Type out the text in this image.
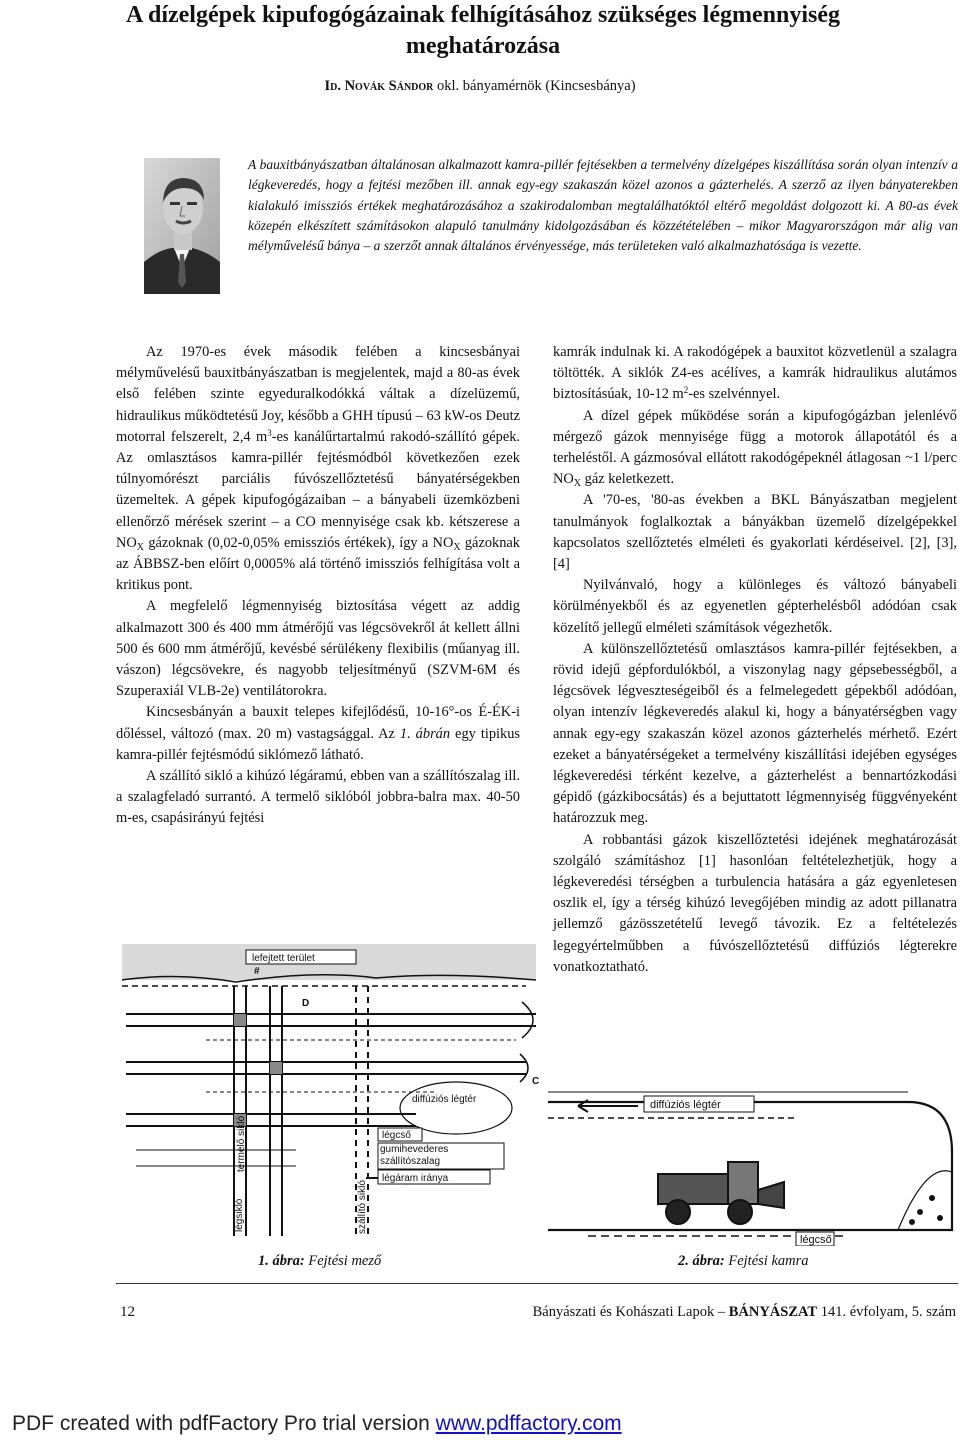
A dízelgépek kipufogógázainak felhígításához szükséges légmennyiség meghatározása
Id. Novák Sándor okl. bányamérnök (Kincsesbánya)
A bauxitbányászatban általánosan alkalmazott kamra-pillér fejtésekben a termelvény dízelgépes kiszállítása során olyan intenzív a légkeveredés, hogy a fejtési mezőben ill. annak egy-egy szakaszán közel azonos a gázterhelés. A szerző az ilyen bányaterekben kialakuló imissziós értékek meghatározásához a szakirodalomban megtalálhatóktól eltérő megoldást dolgozott ki. A 80-as évek közepén elkészített számításokon alapuló tanulmány kidolgozásában és közzétételében – mikor Magyarországon már alig van mélyművelésű bánya – a szerzőt annak általános érvényessége, más területeken való alkalmazhatósága is vezette.

Az 1970-es évek második felében a kincsesbányai mélyművelésű bauxitbányászatban is megjelentek, majd a 80-as évek első felében szinte egyeduralkodókká váltak a dízelüzemű, hidraulikus működtetésű Joy, később a GHH típusú – 63 kW-os Deutz motorral felszerelt, 2,4 $m^3-es$ kanálűrtartalmú rakodó-szállító gépek. Az omlasztásos kamra-pillér fejtésmódból következően ezek túlnyomórészt parciális fúvószellőztetésű bányatérségekben üzemeltek. A gépek kipufogógázaiban – a bányabeli üzemközbeni ellenőrző mérések szerint – a CO mennyisége csak kb. kétszerese a $NO_X$ gázoknak (0,02-0,05% emissziós értékek), így a $NO_X$ gázoknak az ÁBBSZ-ben előírt 0,0005% alá történő imissziós felhígítása volt a kritikus pont.

A megfelelő légmennyiség biztosítása végett az addig alkalmazott 300 és 400 mm átmérőjű vas légcsövekről át kellett állni 500 és 600 mm átmérőjű, kevésbé sérülékeny flexibilis (műanyag ill. vászon) légcsövekre, és nagyobb teljesítményű (SZVM-6M és Szuperaxiál VLB-2e) ventilátorokra.

Kincsesbányán a bauxit telepes kifejlődésű, 10-16°-os É-ÉK-i dőléssel, változó (max. 20 m) vastagsággal. Az 1. ábrán egy tipikus kamra-pillér fejtésmódú siklómező látható.

A szállító sikló a kihúzó légáramú, ebben van a szállítószalag ill. a szalagfeladó surrantó. A termelő siklóból jobbra-balra max. 40-50 m-es, csapásirányú fejtési

kamrák indulnak ki. A rakodógépek a bauxitot közvetlenül a szalagra töltötték. A siklók Z4-es acélíves, a kamrák hidraulikus alutámos biztosításúak, 10-12 $m^2-es$ szelvénnyel.

A dízel gépek működése során a kipufogógázban jelenlévő mérgező gázok mennyisége függ a motorok állapotától és a terheléstől. A gázmosóval ellátott rakodógépeknél átlagosan ~1 l/perc $NO_X$ gáz keletkezett.

A '70-es, '80-as években a BKL Bányászatban megjelent tanulmányok foglalkoztak a bányákban üzemelő dízelgépekkel kapcsolatos szellőztetés elméleti és gyakorlati kérdéseivel. [2], [3], [4]

Nyilvánvaló, hogy a különleges és változó bányabeli körülményekből és az egyenetlen gépterhelésből adódóan csak közelítő jellegű elméleti számítások végezhetők.

A különszellőztetésű omlasztásos kamra-pillér fejtésekben, a rövid idejű gépfordulókból, a viszonylag nagy gépsebességből, a légcsövek légveszteségeiből és a felmelegedett gépekből adódóan, olyan intenzív légkeveredés alakul ki, hogy a bányatérségben vagy annak egy-egy szakaszán közel azonos gázterhelés mérhető. Ezért ezeket a bányatérségeket a termelvény kiszállítási idejében egységes légkeveredési térként kezelve, a gázterhelést a bennartózkodási gépidő (gázkibocsátás) és a bejuttatott légmennyiség függvényeként határozzuk meg.

A robbantási gázok kiszellőztetési idejének meghatározását szolgáló számításhoz [1] hasonlóan feltételezhetjük, hogy a légkeveredési térségben a turbulencia hatására a gáz egyenletesen oszlik el, így a térség kihúzó levegőjében mindig az adott pillanatra jellemző gázösszetételű levegő távozik. Ez a feltételezés legegyértelműbben a fúvószellőztetésű diffúziós légterekre vonatkoztatható.

lefejtett terület
#
D
C
diffúziós légtér
légcső
gumihevederes szállítószalag
légáram iránya
termelő sikló
légsikló	szállító sikló
diffúziós légtér
légcső
1. ábra: Fejtési mező	2. ábra: Fejtési kamra
12	Bányászati és Kohászati Lapok – BÁNYÁSZAT 141. évfolyam, 5. szám
PDF created with pdfFactory Pro trial version www.pdffactory.com
